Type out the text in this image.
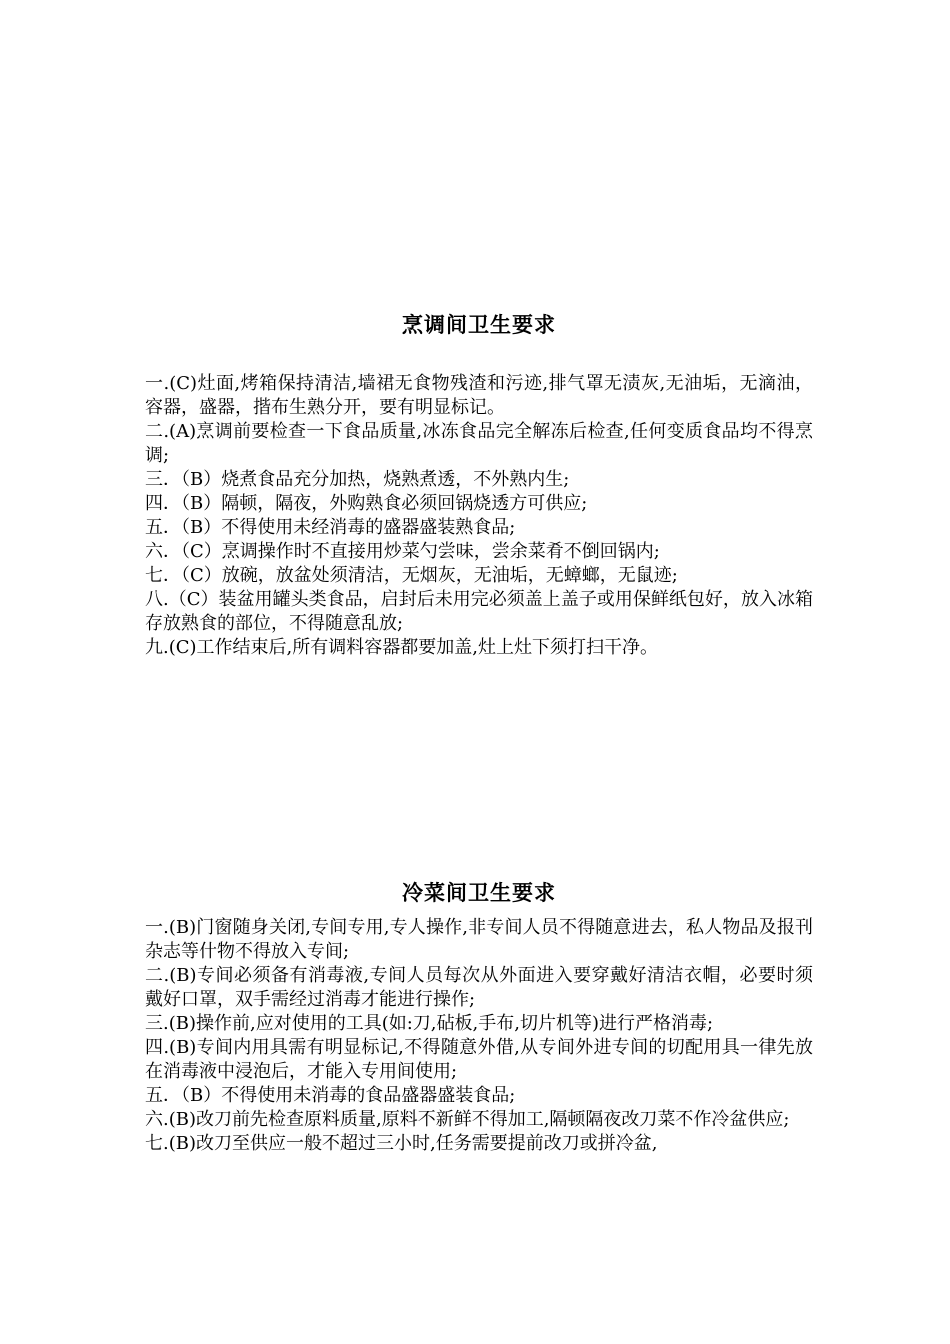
烹调间卫生要求
一.(C)灶面,烤箱保持清洁,墙裙无食物残渣和污迹,排气罩无渍灰,无油垢，无滴油，容器，盛器，揩布生熟分开，要有明显标记。
二.(A)烹调前要检查一下食品质量,冰冻食品完全解冻后检查,任何变质食品均不得烹调;
三．（B）烧煮食品充分加热，烧熟煮透，不外熟内生;
四．（B）隔顿，隔夜，外购熟食必须回锅烧透方可供应;
五．（B）不得使用未经消毒的盛器盛装熟食品;
六．（C）烹调操作时不直接用炒菜勺尝味，尝余菜肴不倒回锅内;
七．（C）放碗，放盆处须清洁，无烟灰，无油垢，无蟑螂，无鼠迹;
八.（C）装盆用罐头类食品，启封后未用完必须盖上盖子或用保鲜纸包好，放入冰箱存放熟食的部位，不得随意乱放;
九.(C)工作结束后,所有调料容器都要加盖,灶上灶下须打扫干净。
冷菜间卫生要求
一.(B)门窗随身关闭,专间专用,专人操作,非专间人员不得随意进去，私人物品及报刊杂志等什物不得放入专间;
二.(B)专间必须备有消毒液,专间人员每次从外面进入要穿戴好清洁衣帽，必要时须戴好口罩，双手需经过消毒才能进行操作;
三.(B)操作前,应对使用的工具(如:刀,砧板,手布,切片机等)进行严格消毒;
四.(B)专间内用具需有明显标记,不得随意外借,从专间外进专间的切配用具一律先放在消毒液中浸泡后，才能入专用间使用;
五．（B）不得使用未消毒的食品盛器盛装食品;
六.(B)改刀前先检查原料质量,原料不新鲜不得加工,隔顿隔夜改刀菜不作冷盆供应;
七.(B)改刀至供应一般不超过三小时,任务需要提前改刀或拼冷盆,
